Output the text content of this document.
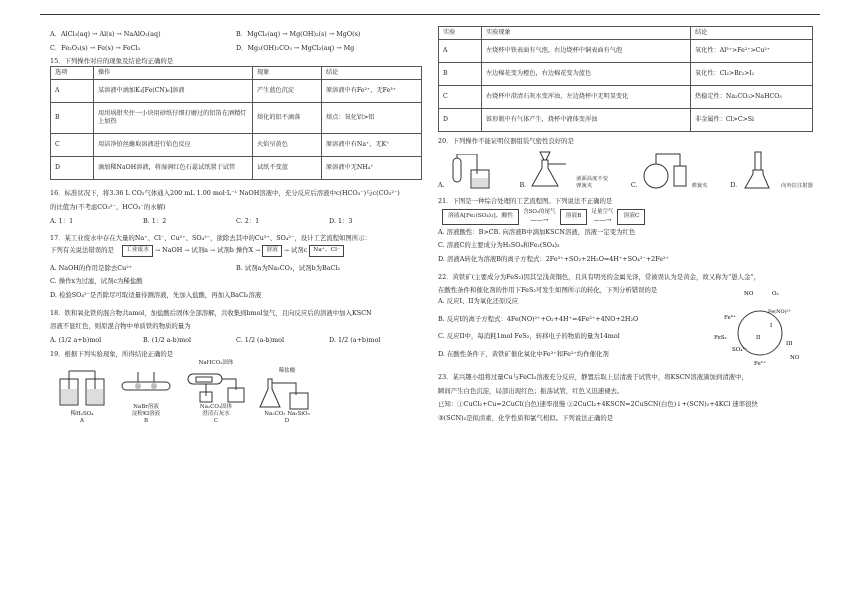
A．AlCl₃(aq) → Al(s) → NaAlO₂(aq)	B．MgCl₂(aq) → Mg(OH)₂(s) → MgO(s)
C．Fe₂O₃(s) → Fe(s) → FeCl₃	D．Mg₂(OH)₂CO₃ → MgCl₂(aq) → Mg

15．下列操作对应的现象及结论均正确的是

选项	操作	现象	结论
A	某溶液中滴加K₃[Fe(CN)₆]溶液	产生蓝色沉淀	原溶液中有Fe²⁺，无Fe³⁺
B	用坩埚钳夹住一小块用砂纸仔细打磨过的铝箔在酒精灯上加热	熔化的铝不滴落	熔点：氧化铝>铝
C	用洁净铂丝蘸取溶液进行焰色反应	火焰呈黄色	原溶液中有Na⁺，无K⁺
D	滴加稀NaOH溶液，将湿润红色石蕊试纸置于试管	试纸不变蓝	原溶液中无NH₄⁺

16．标准状况下，将3.36 L CO₂气体通入200 mL 1.00 mol·L⁻¹ NaOH溶液中，充分反应后溶液中c(HCO₃⁻)与c(CO₃²⁻)

的比值为(不考虑CO₃²⁻、HCO₃⁻的水解)

A. 1：1	B. 1：2	C. 2：1	D. 1：3

17．某工业废水中存在大量的Na⁺、Cl⁻、Cu²⁺、SO₄²⁻，欲除去其中的Cu²⁺、SO₄²⁻，设计工艺流程如图所示：

下列有关说法错误的是	工业废水	→ NaOH → 试剂a → 试剂b 操作X →	溶液	→ 试剂c	Na⁺、Cl⁻
A. NaOH的作用是除去Cu²⁺	B. 试剂a为Na₂CO₃，试剂b为BaCl₂

C. 操作x为过滤，试剂c为稀盐酸

D. 检验SO₄²⁻是否除尽可取适量待测溶液，先加入盐酸，再加入BaCl₂溶液

18．铁和氧化铁的混合物共amol，加盐酸后固体全部溶解，共收集到bmol氢气，且向反应后的溶液中加入KSCN

溶液不显红色，则原混合物中单质铁的物质的量为

A. (1/2 a+b)mol	B. (1/2 a-b)mol	C. 1/2 (a-b)mol	D. 1/2 (a+b)mol

19．根据下列实验现象，所得结论正确的是

稀H₂SO₄
A
NaBr溶液
淀粉KI溶液
B
NaHCO₃固体
Na₂CO₃固体
澄清石灰水
C
稀盐酸
Na₂CO₃ Na₂SiO₃
D
实验	实验现象	结论
A	左烧杯中铁表面有气泡，右边烧杯中铜表面有气泡	氧化性：Al³⁺>Fe²⁺>Cu²⁺
B	左边棉花变为橙色，右边棉花变为蓝色	氧化性：Cl₂>Br₂>I₂
C	右烧杯中澄清石灰水变浑浊，左边烧杯中无明显变化	热稳定性：Na₂CO₃>NaHCO₃
D	锥形瓶中有气体产生，烧杯中液体变浑浊	非金属性：Cl>C>Si

20．下列操作不能证明仪器组装气密性良好的是

A.	B.
液面高度不变
弹簧夹	C.	弹簧夹	D.	向外拉注射器

21．下图是一种综合处理的工艺流程图。下列说法不正确的是

溶液A[Fe₂(SO₄)₃]、酸性
含SO₂的尾气
——→
溶液B
足量空气
——→
溶液C
A. 溶液酸性：B>CB. 向溶液 B中滴加KSCN溶液，溶液一定变为红色

C. 溶液C的主要成分为H₂SO₄和Fe₂(SO₄)₃

D. 溶液A转化为溶液B的离子方程式：2Fe³⁺+SO₂+2H₂O=4H⁺+SO₄²⁻+2Fe²⁺

22．黄铁矿(主要成分为FeS₂)因其呈浅黄铜色，且具有明亮的金属光泽，常被误认为是黄金，故又称为“愚人金”，

在酸性条件和催化剂的作用下FeS₂可发生如图所示的转化，下列分析错误的是

A. 反应I、II为氧化还原反应

B. 反应I的离子方程式：4Fe(NO)²⁺+O₂+4H⁺=4Fe³⁺+4NO+2H₂O

C. 反应II中，每消耗1mol FeS₂，转移电子的物质的量为14mol

D. 在酸性条件下，黄铁矿催化氧化中Fe³⁺和Fe²⁺均作催化剂

NO	O₂
Fe(NO)²⁺
Fe³⁺
I
II
III
FeS₂
SO₄²⁻
Fe²⁺
NO

23．某兴趣小组将过量Cu与FeCl₃溶液充分反应，静置后取上层清液于试管中，将KSCN溶液滴加到清液中，

瞬间产生白色沉淀，局部出现红色；振荡试管，红色又迅速褪去。

已知：①CuCl₂+Cu=2CuCl(白色)速率很慢 ②2CuCl₂+4KSCN=2CuSCN(白色)↓+(SCN)₂+4KCl 速率很快

③(SCN)₂是拟卤素，化学性质和氯气相似。下列说法正确的是
